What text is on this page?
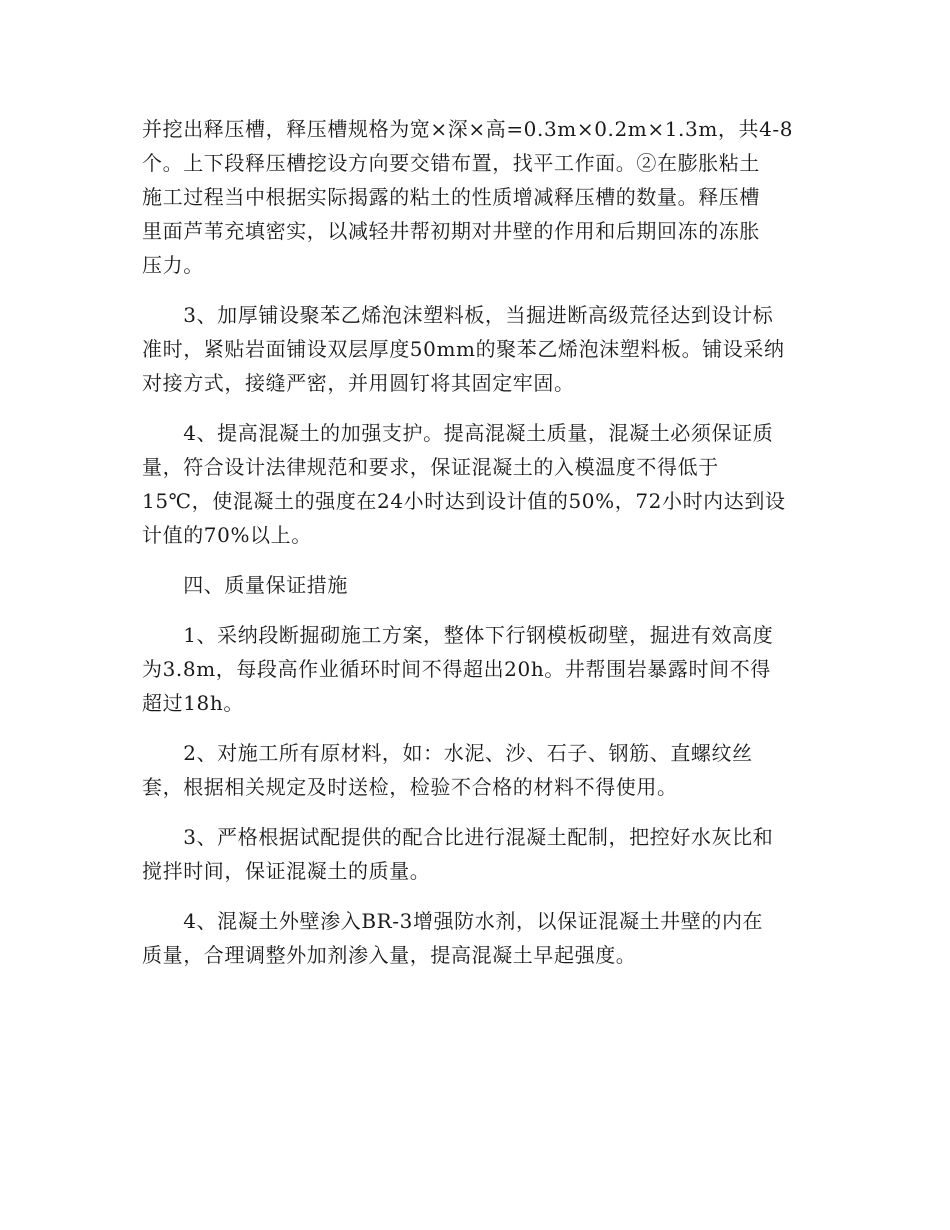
并挖出释压槽，释压槽规格为宽×深×高=0.3m×0.2m×1.3m，共4-8
个。上下段释压槽挖设方向要交错布置，找平工作面。②在膨胀粘土
施工过程当中根据实际揭露的粘土的性质增减释压槽的数量。释压槽
里面芦苇充填密实，以减轻井帮初期对井壁的作用和后期回冻的冻胀
压力。

　　3、加厚铺设聚苯乙烯泡沫塑料板，当掘进断高级荒径达到设计标
准时，紧贴岩面铺设双层厚度50mm的聚苯乙烯泡沫塑料板。铺设采纳
对接方式，接缝严密，并用圆钉将其固定牢固。

　　4、提高混凝土的加强支护。提高混凝土质量，混凝土必须保证质
量，符合设计法律规范和要求，保证混凝土的入模温度不得低于
15℃，使混凝土的强度在24小时达到设计值的50%，72小时内达到设
计值的70%以上。

　　四、质量保证措施

　　1、采纳段断掘砌施工方案，整体下行钢模板砌壁，掘进有效高度
为3.8m，每段高作业循环时间不得超出20h。井帮围岩暴露时间不得
超过18h。

　　2、对施工所有原材料，如：水泥、沙、石子、钢筋、直螺纹丝
套，根据相关规定及时送检，检验不合格的材料不得使用。

　　3、严格根据试配提供的配合比进行混凝土配制，把控好水灰比和
搅拌时间，保证混凝土的质量。

　　4、混凝土外壁渗入BR-3增强防水剂，以保证混凝土井壁的内在
质量，合理调整外加剂渗入量，提高混凝土早起强度。
